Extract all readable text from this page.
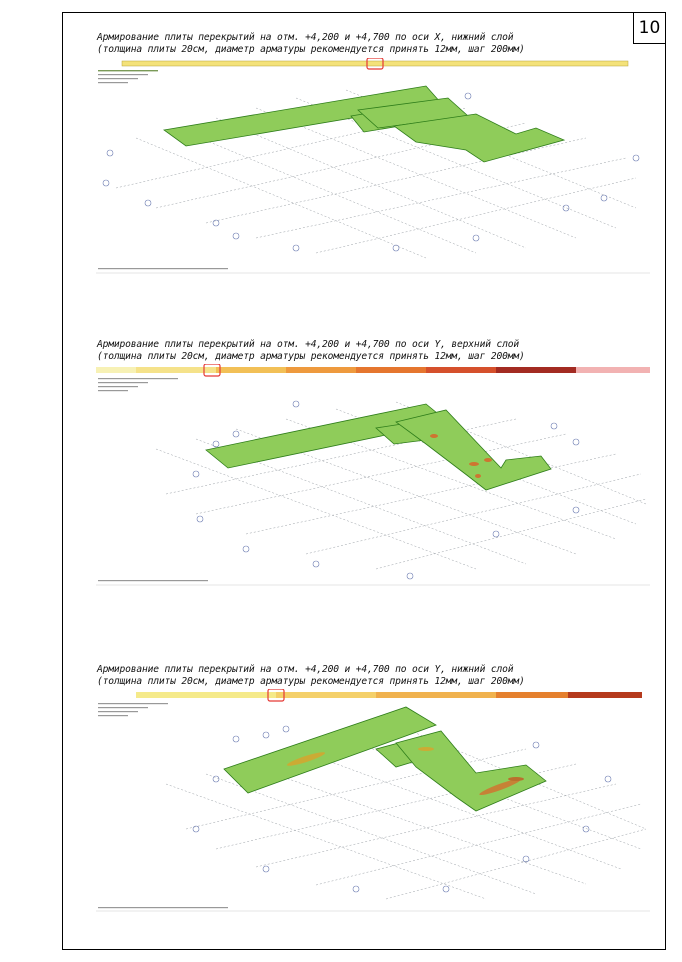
10
Армирование плиты перекрытий на отм. +4,200 и +4,700 по оси X, нижний слой
(толщина плиты 20см, диаметр арматуры рекомендуется принять 12мм, шаг 200мм)
Армирование плиты перекрытий на отм. +4,200 и +4,700 по оси Y, верхний слой
(толщина плиты 20см, диаметр арматуры рекомендуется принять 12мм, шаг 200мм)
Армирование плиты перекрытий на отм. +4,200 и +4,700 по оси Y, нижний слой
(толщина плиты 20см, диаметр арматуры рекомендуется принять 12мм, шаг 200мм)
